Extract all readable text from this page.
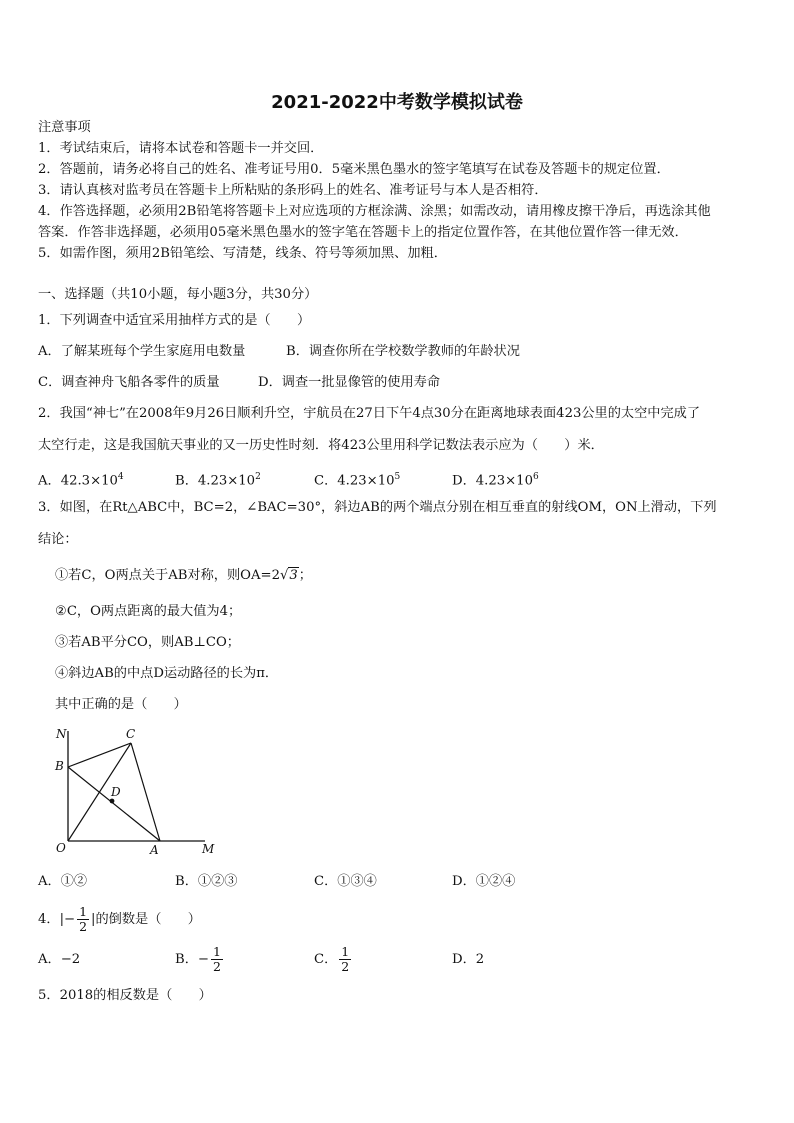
2021-2022中考数学模拟试卷
注意事项
1．考试结束后，请将本试卷和答题卡一并交回．
2．答题前，请务必将自己的姓名、准考证号用0．5毫米黑色墨水的签字笔填写在试卷及答题卡的规定位置．
3．请认真核对监考员在答题卡上所粘贴的条形码上的姓名、准考证号与本人是否相符．
4．作答选择题，必须用2B铅笔将答题卡上对应选项的方框涂满、涂黑；如需改动，请用橡皮擦干净后，再选涂其他
答案．作答非选择题，必须用05毫米黑色墨水的签字笔在答题卡上的指定位置作答，在其他位置作答一律无效．
5．如需作图，须用2B铅笔绘、写清楚，线条、符号等须加黑、加粗．
一、选择题（共10小题，每小题3分，共30分）
1．下列调查中适宜采用抽样方式的是（　　）
A．了解某班每个学生家庭用电数量	B．调查你所在学校数学教师的年龄状况
C．调查神舟飞船各零件的质量	D．调查一批显像管的使用寿命
2．我国“神七”在2008年9月26日顺利升空，宇航员在27日下午4点30分在距离地球表面423公里的太空中完成了
太空行走，这是我国航天事业的又一历史性时刻．将423公里用科学记数法表示应为（　　）米．
A．$42.3\times 10^4$	B．$4.23\times 10^2$	C．$4.23\times 10^5$	D．$4.23\times 10^6$
3．如图，在Rt△ABC中，BC=2，∠BAC=30°，斜边AB的两个端点分别在相互垂直的射线OM，ON上滑动，下列
结论：
①若C，O两点关于AB对称，则OA=2√3；
②C，O两点距离的最大值为4；
③若AB平分CO，则AB⊥CO；
④斜边AB的中点D运动路径的长为π．
其中正确的是（　　）
N	C
B
D
O	A	M
A．①②	B．①②③	C．①③④	D．①②④
4．|− $\frac{1}{2}$ |的倒数是（　　）
A．−2	B．− $\frac{1}{2}$	C． $\frac{1}{2}$	D．2
5．2018的相反数是（　　）
